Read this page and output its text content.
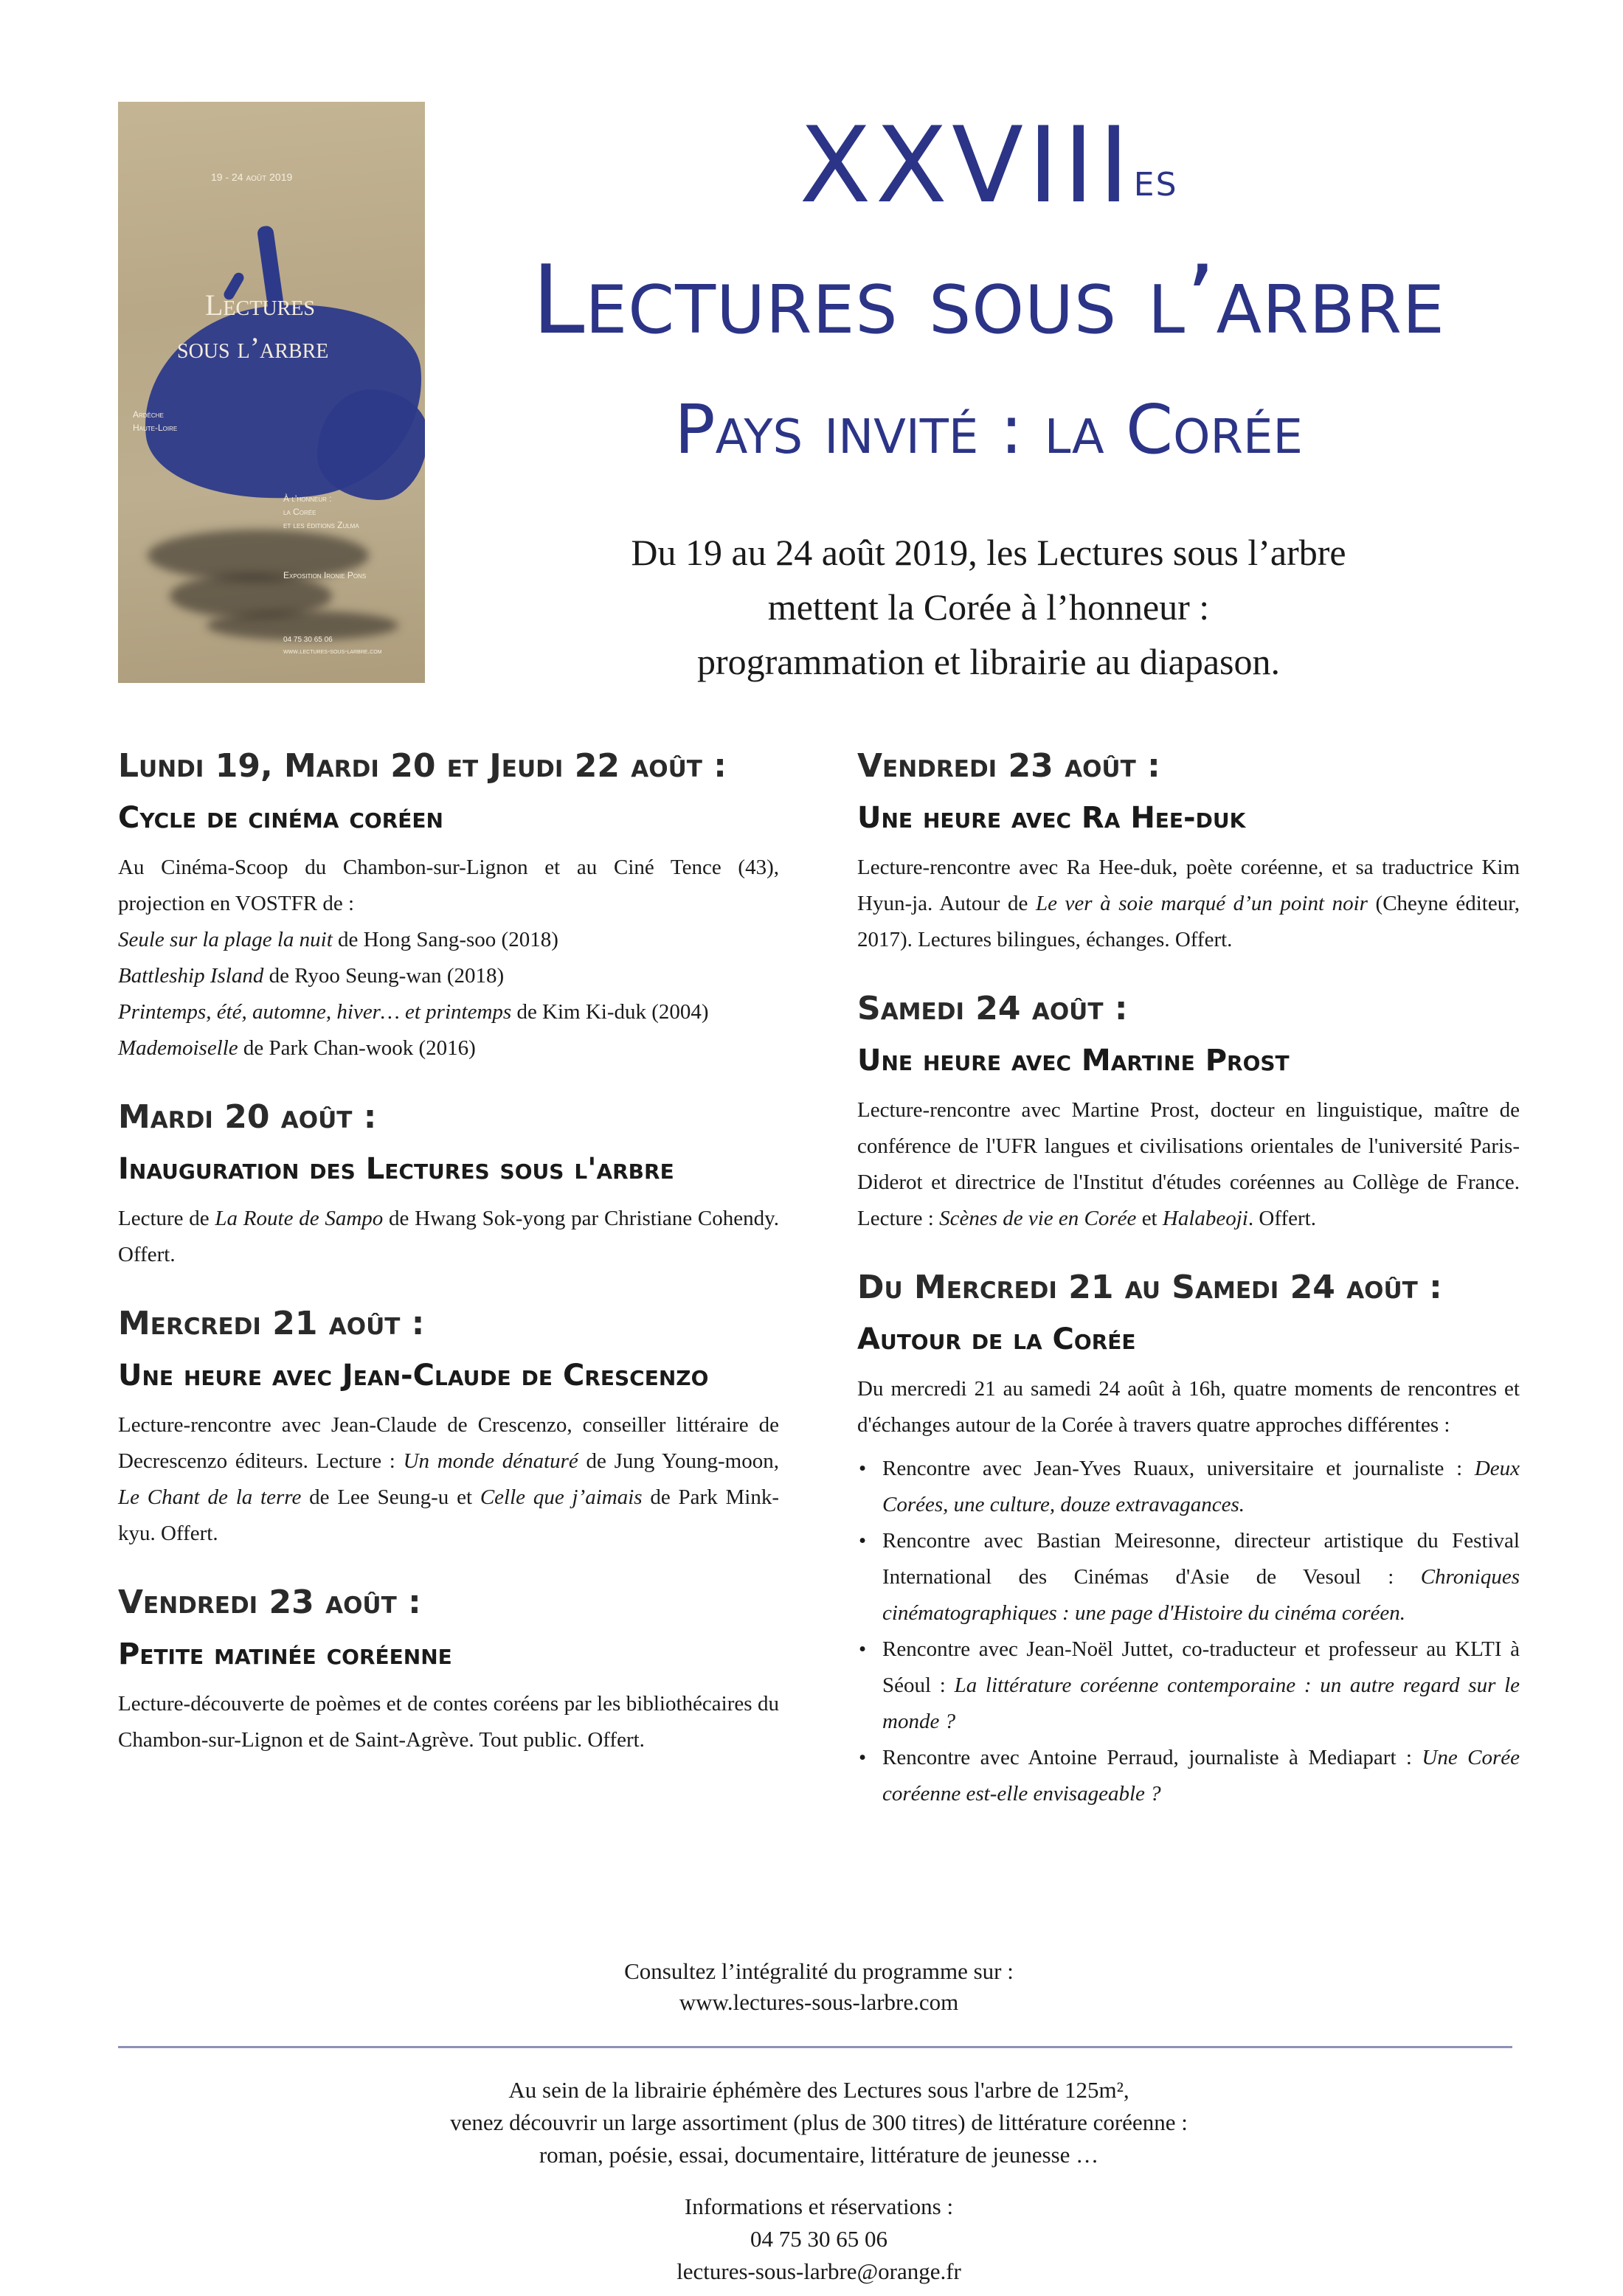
19 - 24 août 2019
Lectures
sous l’arbre
Ardèche
Haute-Loire
À l’honneur :
la Corée
et les éditions Zulma
Exposition Ironie Pons
04 75 30 65 06
www.lectures-sous-larbre.com
$XXVIII^{ES}$
Lectures sous l’arbre
Pays invité : la Corée
Du 19 au 24 août 2019, les Lectures sous l’arbre
mettent la Corée à l’honneur :
programmation et librairie au diapason.
Lundi 19, Mardi 20 et Jeudi 22 août :
Cycle de cinéma coréen

Au Cinéma-Scoop du Chambon-sur-Lignon et au Ciné Tence (43), projection en VOSTFR de :

Seule sur la plage la nuit de Hong Sang-soo (2018)
Battleship Island de Ryoo Seung-wan (2018)
Printemps, été, automne, hiver… et printemps de Kim Ki-duk (2004)
Mademoiselle de Park Chan-wook (2016)
Mardi 20 août :
Inauguration des Lectures sous l'arbre

Lecture de La Route de Sampo de Hwang Sok-yong par Christiane Cohendy. Offert.

Mercredi 21 août :
Une heure avec Jean-Claude de Crescenzo

Lecture-rencontre avec Jean-Claude de Crescenzo, conseiller littéraire de Decrescenzo éditeurs. Lecture : Un monde dénaturé de Jung Young-moon, Le Chant de la terre de Lee Seung-u et Celle que j’aimais de Park Mink-kyu. Offert.

Vendredi 23 août :
Petite matinée coréenne

Lecture-découverte de poèmes et de contes coréens par les bibliothécaires du Chambon-sur-Lignon et de Saint-Agrève. Tout public. Offert.

Vendredi 23 août :
Une heure avec Ra Hee-duk

Lecture-rencontre avec Ra Hee-duk, poète coréenne, et sa traductrice Kim Hyun-ja. Autour de Le ver à soie marqué d’un point noir (Cheyne éditeur, 2017). Lectures bilingues, échanges. Offert.

Samedi 24 août :
Une heure avec Martine Prost

Lecture-rencontre avec Martine Prost, docteur en linguistique, maître de conférence de l'UFR langues et civilisations orientales de l'université Paris-Diderot et directrice de l'Institut d'études coréennes au Collège de France. Lecture : Scènes de vie en Corée et Halabeoji. Offert.

Du Mercredi 21 au Samedi 24 août :
Autour de la Corée

Du mercredi 21 au samedi 24 août à 16h, quatre moments de rencontres et d'échanges autour de la Corée à travers quatre approches différentes :

• Rencontre avec Jean-Yves Ruaux, universitaire et journaliste : Deux Corées, une culture, douze extravagances.
• Rencontre avec Bastian Meiresonne, directeur artistique du Festival International des Cinémas d'Asie de Vesoul : Chroniques cinématographiques : une page d'Histoire du cinéma coréen.
• Rencontre avec Jean-Noël Juttet, co-traducteur et professeur au KLTI à Séoul : La littérature coréenne contemporaine : un autre regard sur le monde ?
• Rencontre avec Antoine Perraud, journaliste à Mediapart : Une Corée coréenne est-elle envisageable ?
Consultez l’intégralité du programme sur :
www.lectures-sous-larbre.com

Au sein de la librairie éphémère des Lectures sous l'arbre de 125m²,

venez découvrir un large assortiment (plus de 300 titres) de littérature coréenne :

roman, poésie, essai, documentaire, littérature de jeunesse …

Informations et réservations :

04 75 30 65 06

lectures-sous-larbre@orange.fr
